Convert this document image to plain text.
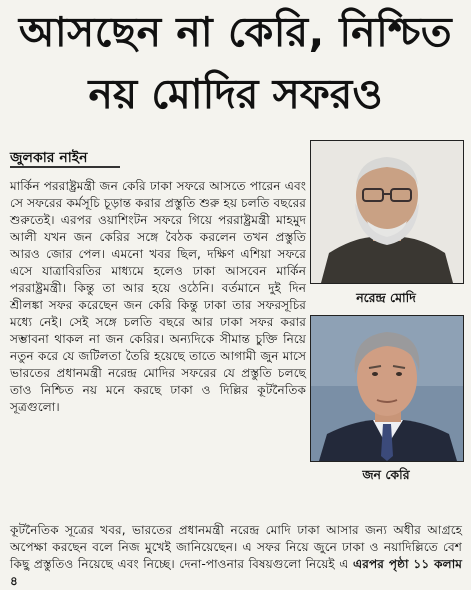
আসছেন না কেরি, নিশ্চিত
নয় মোদির সফরও
জুলকার নাইন

মার্কিন পররাষ্ট্রমন্ত্রী জন কেরি ঢাকা সফরে আসতে পারেন এবং সে সফরের কর্মসূচি চূড়ান্ত করার প্রস্তুতি শুরু হয় চলতি বছরের শুরুতেই। এরপর ওয়াশিংটন সফরে গিয়ে পররাষ্ট্রমন্ত্রী মাহমুদ আলী যখন জন কেরির সঙ্গে বৈঠক করলেন তখন প্রস্তুতি আরও জোর পেল। এমনো খবর ছিল, দক্ষিণ এশিয়া সফরে এসে যাত্রাবিরতির মাধ্যমে হলেও ঢাকা আসবেন মার্কিন পররাষ্ট্রমন্ত্রী। কিন্তু তা আর হয়ে ওঠেনি। বর্তমানে দুই দিন শ্রীলঙ্কা সফর করেছেন জন কেরি কিন্তু ঢাকা তার সফরসূচির মধ্যে নেই। সেই সঙ্গে চলতি বছরে আর ঢাকা সফর করার সম্ভাবনা থাকল না জন কেরির। অন্যদিকে সীমান্ত চুক্তি নিয়ে নতুন করে যে জটিলতা তৈরি হয়েছে তাতে আগামী জুন মাসে ভারতের প্রধানমন্ত্রী নরেন্দ্র মোদির সফরের যে প্রস্তুতি চলছে তাও নিশ্চিত নয় মনে করছে ঢাকা ও দিল্লির কূটনৈতিক সূত্রগুলো।

কূটনৈতিক সূত্রের খবর, ভারতের প্রধানমন্ত্রী নরেন্দ্র মোদি ঢাকা আসার জন্য অধীর আগ্রহে অপেক্ষা করছেন বলে নিজ মুখেই জানিয়েছেন। এ সফর নিয়ে জুনে ঢাকা ও নয়াদিল্লিতে বেশ কিছু প্রস্তুতিও নিয়েছে এবং নিচ্ছে। দেনা-পাওনার বিষয়গুলো নিয়েই এ এরপর পৃষ্ঠা ১১ কলাম ৪

নরেন্দ্র মোদি
জন কেরি
